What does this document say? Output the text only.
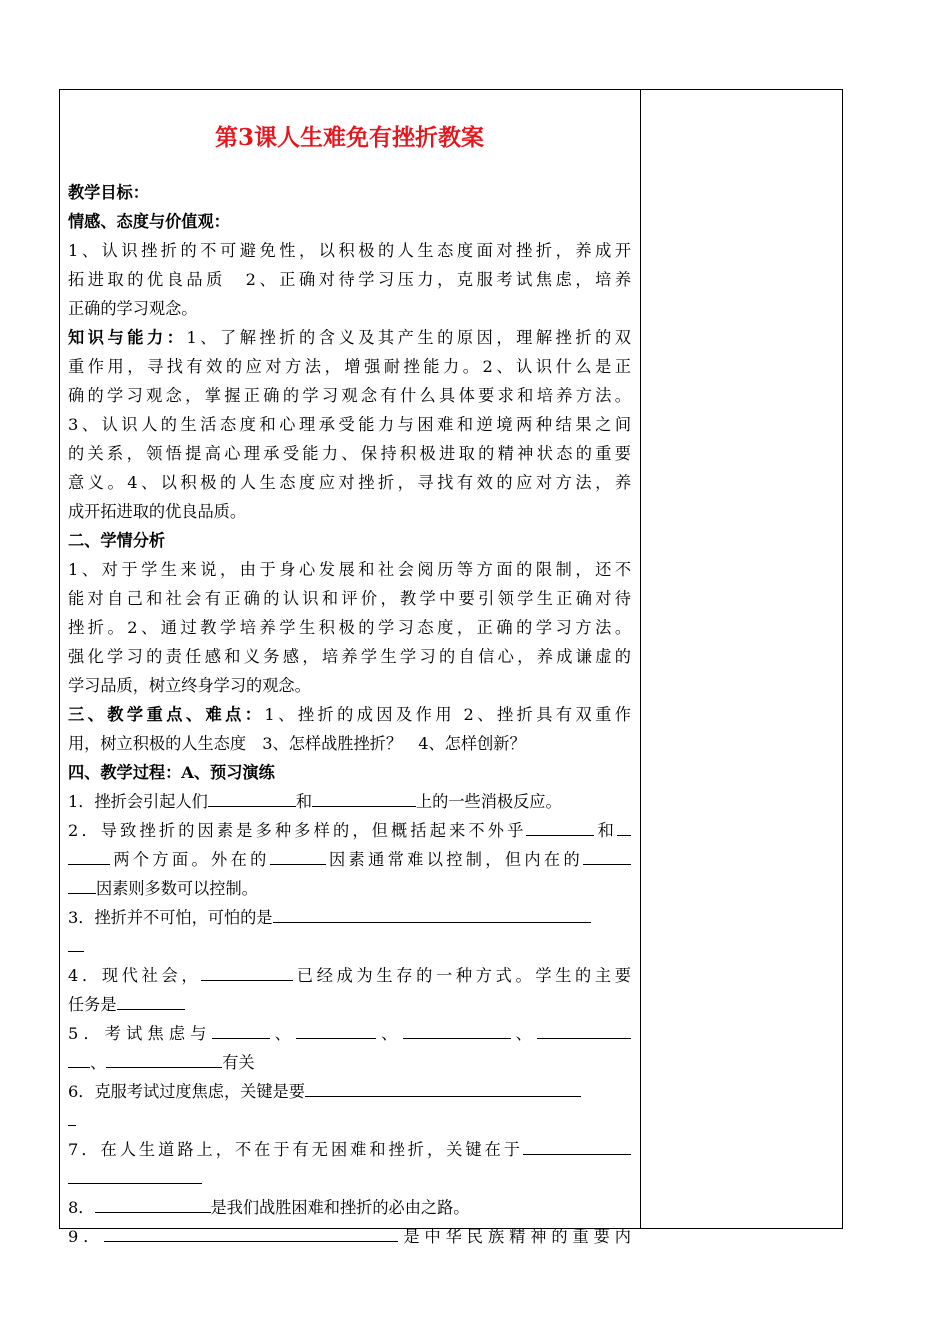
第3课人生难免有挫折教案
教学目标：
情感、态度与价值观：
1、认识挫折的不可避免性，以积极的人生态度面对挫折，养成开
拓进取的优良品质　2、正确对待学习压力，克服考试焦虑，培养
正确的学习观念。
知识与能力：1、了解挫折的含义及其产生的原因，理解挫折的双
重作用，寻找有效的应对方法，增强耐挫能力。2、认识什么是正
确的学习观念，掌握正确的学习观念有什么具体要求和培养方法。
3、认识人的生活态度和心理承受能力与困难和逆境两种结果之间
的关系，领悟提高心理承受能力、保持积极进取的精神状态的重要
意义。4、以积极的人生态度应对挫折，寻找有效的应对方法，养
成开拓进取的优良品质。
二、学情分析
1、对于学生来说，由于身心发展和社会阅历等方面的限制，还不
能对自己和社会有正确的认识和评价，教学中要引领学生正确对待
挫折。2、通过教学培养学生积极的学习态度，正确的学习方法。
强化学习的责任感和义务感，培养学生学习的自信心，养成谦虚的
学习品质，树立终身学习的观念。
三、教学重点、难点：1、挫折的成因及作用 2、挫折具有双重作
用，树立积极的人生态度　3、怎样战胜挫折？　4、怎样创新？
四、教学过程：A、预习演练
1．挫折会引起人们	和	上的一些消极反应。
2．导致挫折的因素是多种多样的，但概括起来不外乎	和
两个方面。外在的	因素通常难以控制，但内在的
因素则多数可以控制。
3．挫折并不可怕，可怕的是
4．现代社会，	已经成为生存的一种方式。学生的主要
任务是
5．考试焦虑与	、	、	、
、	有关
6．克服考试过度焦虑，关键是要
7．在人生道路上，不在于有无困难和挫折，关键在于
8．	是我们战胜困难和挫折的必由之路。
9．	是中华民族精神的重要内
